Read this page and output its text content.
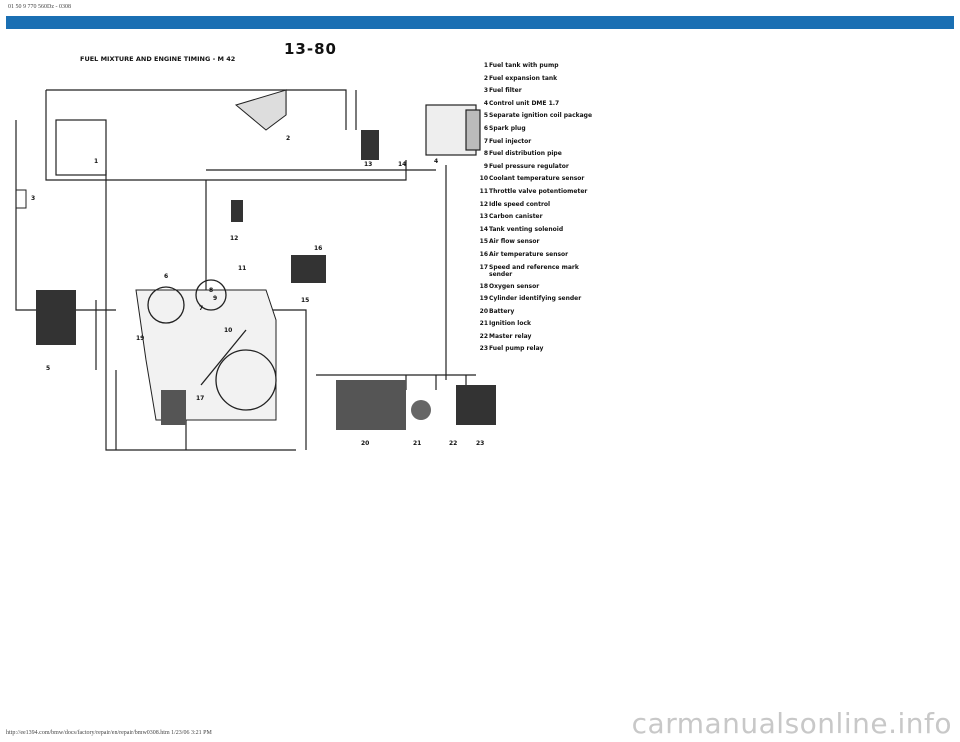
01 50 9 770 560Dz - 0308
13-80
FUEL MIXTURE AND ENGINE TIMING - M 42
1
2
3
4
5
6
7
8
9
10
11
12
13	14
15
16
17
19
20	21	22	23
1 Fuel tank with pump
2 Fuel expansion tank
3 Fuel filter
4 Control unit DME 1.7
5 Separate ignition coil package
6 Spark plug
7 Fuel injector
8 Fuel distribution pipe
9 Fuel pressure regulator
10 Coolant temperature sensor
11 Throttle valve potentiometer
12 Idle speed control
13 Carbon canister
14 Tank venting solenoid
15 Air flow sensor
16 Air temperature sensor
17 Speed and reference mark sender
18 Oxygen sensor
19 Cylinder identifying sender
20 Battery
21 Ignition lock
22 Master relay
23 Fuel pump relay
http://ee1394.com/bmw/docs/factory/repair/en/repair/bmw0308.htm 1/23/06 3:21 PM	carmanualsonline.info
